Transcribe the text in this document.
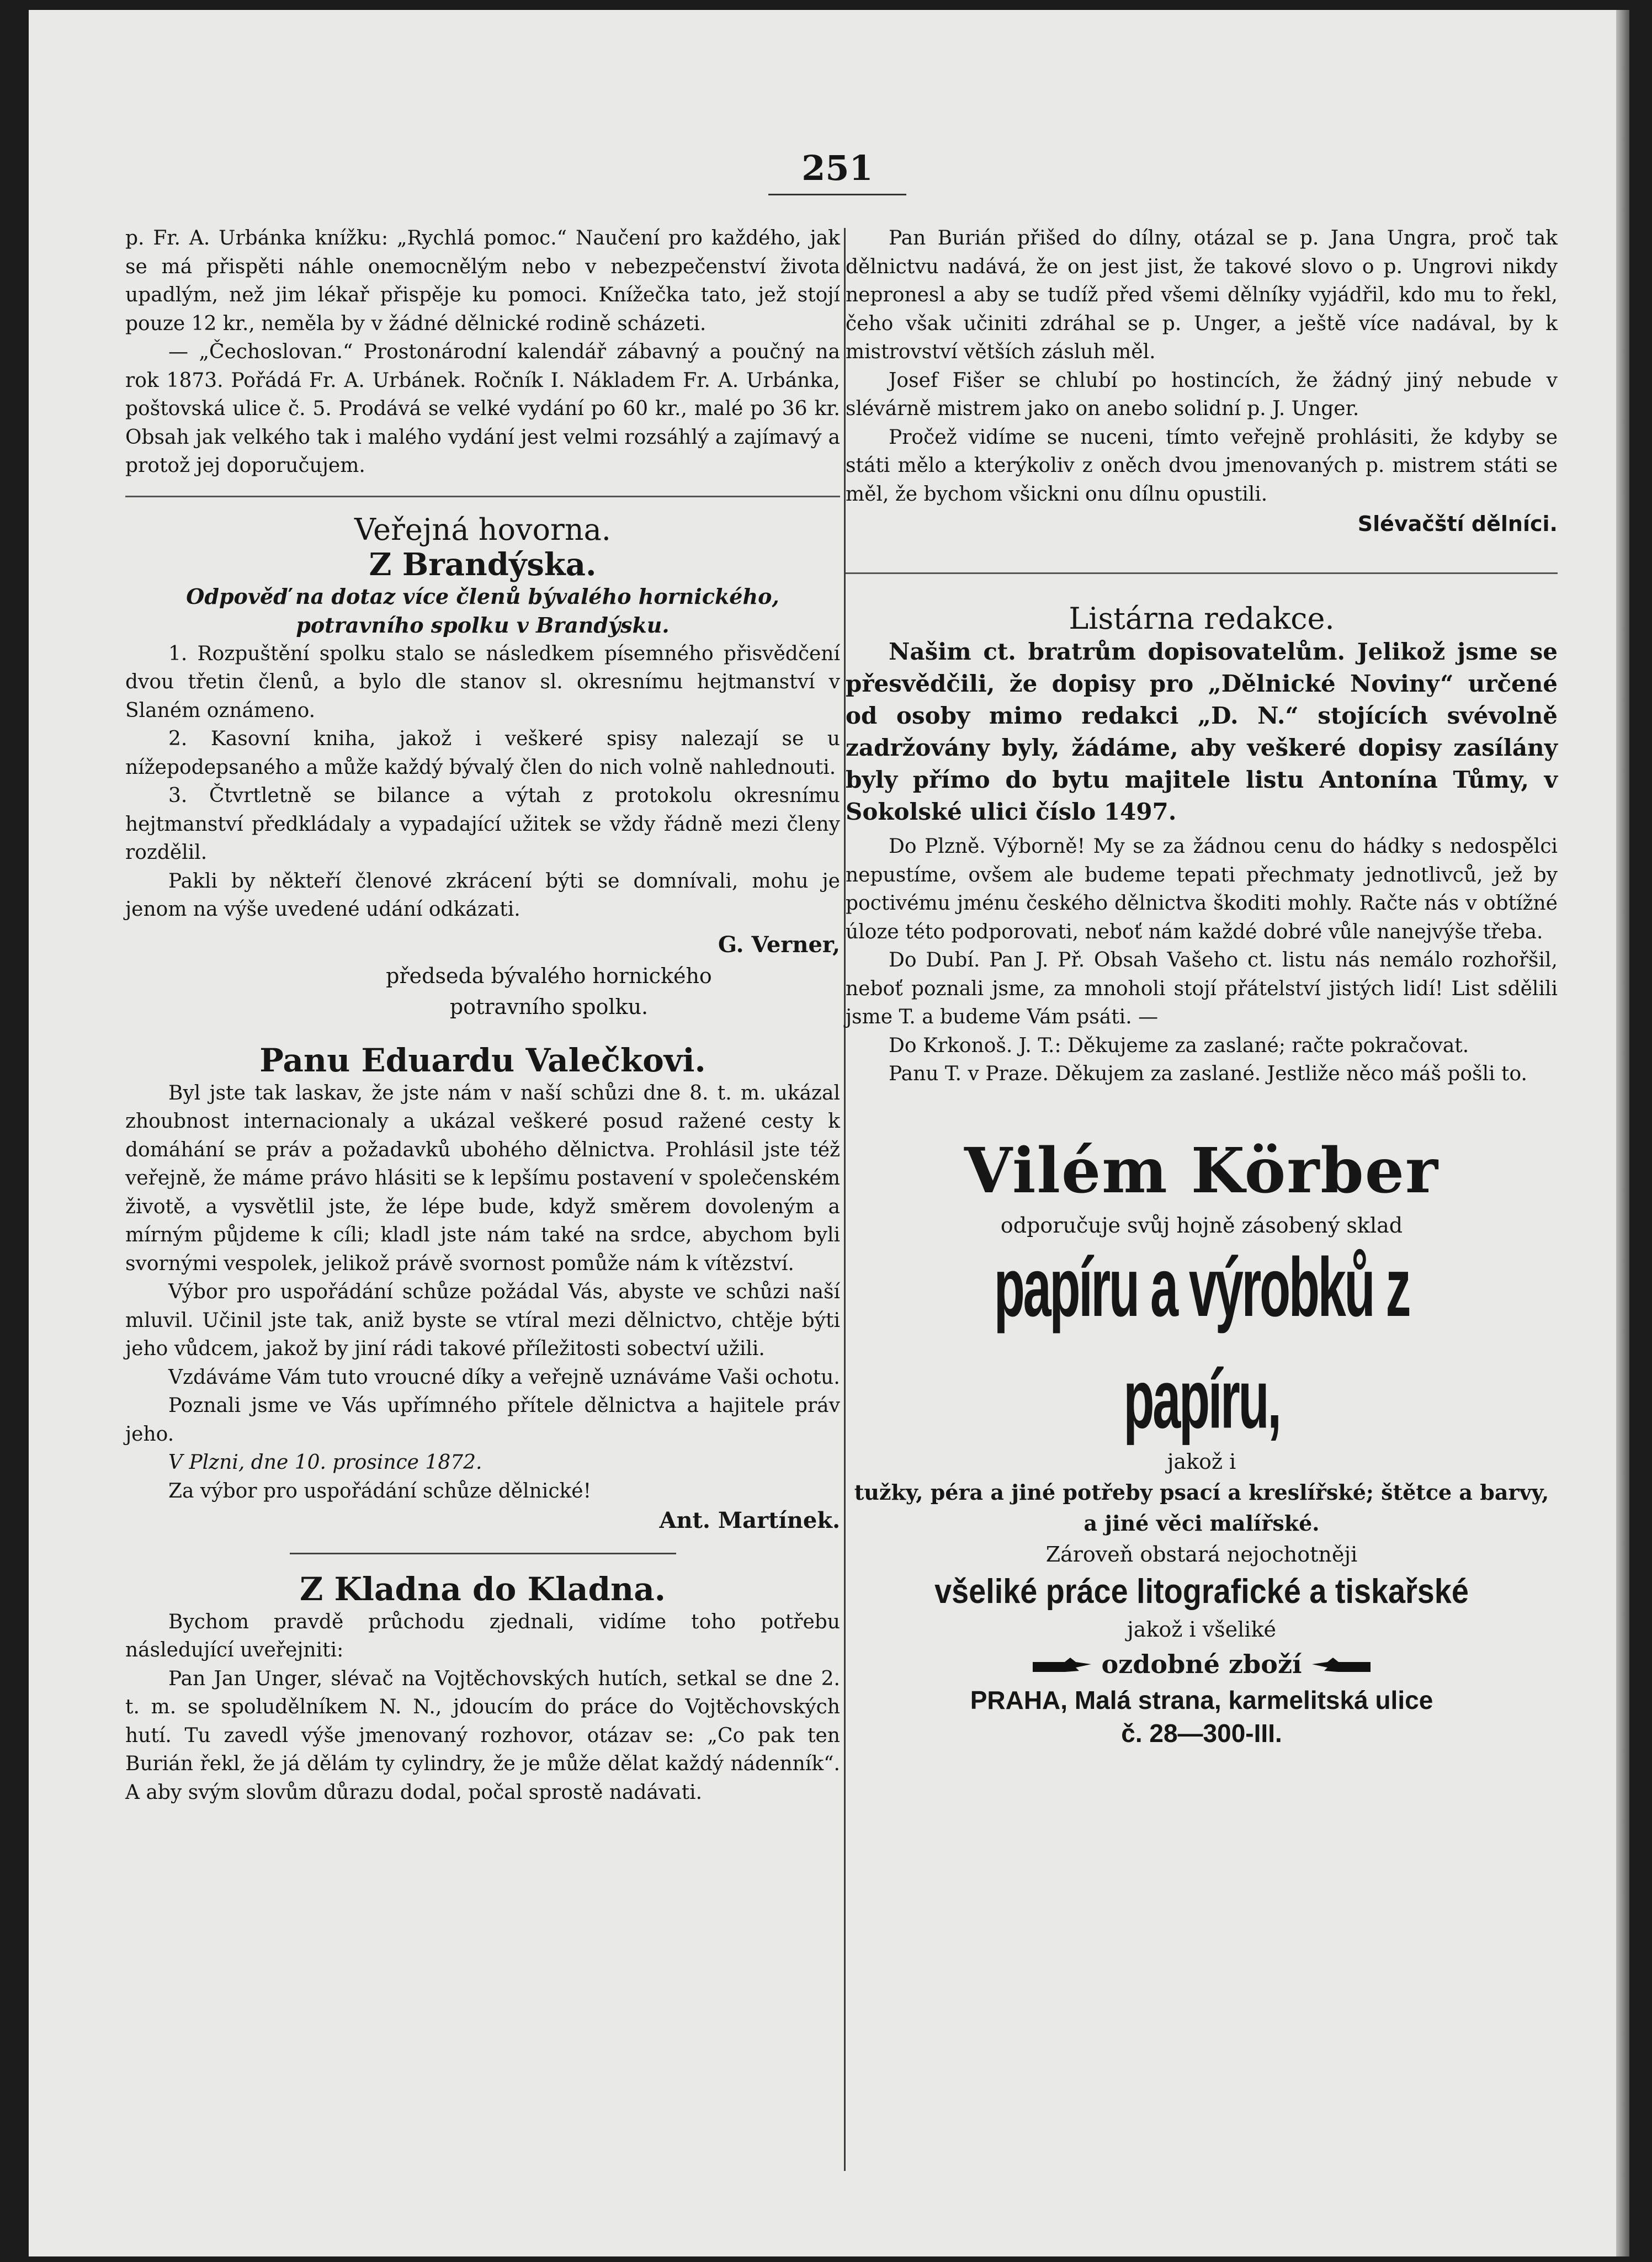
251

p. Fr. A. Urbánka knížku: „Rychlá pomoc.“ Naučení pro každého, jak se má přispěti náhle onemocnělým nebo v nebezpečenství života upadlým, než jim lékař přispěje ku pomoci. Knížečka tato, jež stojí pouze 12 kr., neměla by v žádné dělnické rodině scházeti.

— „Čechoslovan.“ Prostonárodní kalendář zábavný a poučný na rok 1873. Pořádá Fr. A. Urbánek. Ročník I. Nákladem Fr. A. Urbánka, poštovská ulice č. 5. Prodává se velké vydání po 60 kr., malé po 36 kr. Obsah jak velkého tak i malého vydání jest velmi rozsáhlý a zajímavý a protož jej doporučujem.

Veřejná hovorna.
Z Brandýska.
Odpověď na dotaz více členů bývalého hornického, potravního spolku v Brandýsku.

1. Rozpuštění spolku stalo se následkem písemného přisvědčení dvou třetin členů, a bylo dle stanov sl. okresnímu hejtmanství v Slaném oznámeno.

2. Kasovní kniha, jakož i veškeré spisy nalezají se u nížepodepsaného a může každý bývalý člen do nich volně nahlednouti.

3. Čtvrtletně se bilance a výtah z protokolu okresnímu hejtmanství předkládaly a vypadající užitek se vždy řádně mezi členy rozdělil.

Pakli by někteří členové zkrácení býti se domnívali, mohu je jenom na výše uvedené udání odkázati.

G. Verner,
předseda bývalého hornického
potravního spolku.
Panu Eduardu Valečkovi.

Byl jste tak laskav, že jste nám v naší schůzi dne 8. t. m. ukázal zhoubnost internacionaly a ukázal veškeré posud ražené cesty k domáhání se práv a požadavků ubohého dělnictva. Prohlásil jste též veřejně, že máme právo hlásiti se k lepšímu postavení v společenském životě, a vysvětlil jste, že lépe bude, když směrem dovoleným a mírným půjdeme k cíli; kladl jste nám také na srdce, abychom byli svornými vespolek, jelikož právě svornost pomůže nám k vítězství.

Výbor pro uspořádání schůze požádal Vás, abyste ve schůzi naší mluvil. Učinil jste tak, aniž byste se vtíral mezi dělnictvo, chtěje býti jeho vůdcem, jakož by jiní rádi takové příležitosti sobectví užili.

Vzdáváme Vám tuto vroucné díky a veřejně uznáváme Vaši ochotu.

Poznali jsme ve Vás upřímného přítele dělnictva a hajitele práv jeho.

V Plzni, dne 10. prosince 1872.

Za výbor pro uspořádání schůze dělnické!

Ant. Martínek.
Z Kladna do Kladna.

Bychom pravdě průchodu zjednali, vidíme toho potřebu následující uveřejniti:

Pan Jan Unger, slévač na Vojtěchovských hutích, setkal se dne 2. t. m. se spoludělníkem N. N., jdoucím do práce do Vojtěchovských hutí. Tu zavedl výše jmenovaný rozhovor, otázav se: „Co pak ten Burián řekl, že já dělám ty cylindry, že je může dělat každý nádenník“. A aby svým slovům důrazu dodal, počal sprostě nadávati.

Pan Burián přišed do dílny, otázal se p. Jana Ungra, proč tak dělnictvu nadává, že on jest jist, že takové slovo o p. Ungrovi nikdy nepronesl a aby se tudíž před všemi dělníky vyjádřil, kdo mu to řekl, čeho však učiniti zdráhal se p. Unger, a ještě více nadával, by k mistrovství větších zásluh měl.

Josef Fišer se chlubí po hostincích, že žádný jiný nebude v slévárně mistrem jako on anebo solidní p. J. Unger.

Pročež vidíme se nuceni, tímto veřejně prohlásiti, že kdyby se státi mělo a kterýkoliv z oněch dvou jmenovaných p. mistrem státi se měl, že bychom všickni onu dílnu opustili.

Slévačští dělníci.
Listárna redakce.

Našim ct. bratrům dopisovatelům. Jelikož jsme se přesvědčili, že dopisy pro „Dělnické Noviny“ určené od osoby mimo redakci „D. N.“ stojících svévolně zadržovány byly, žádáme, aby veškeré dopisy zasílány byly přímo do bytu majitele listu Antonína Tůmy, v Sokolské ulici číslo 1497.

Do Plzně. Výborně! My se za žádnou cenu do hádky s nedospělci nepustíme, ovšem ale budeme tepati přechmaty jednotlivců, jež by poctivému jménu českého dělnictva škoditi mohly. Račte nás v obtížné úloze této podporovati, neboť nám každé dobré vůle nanejvýše třeba.

Do Dubí. Pan J. Př. Obsah Vašeho ct. listu nás nemálo rozhořšil, neboť poznali jsme, za mnoholi stojí přátelství jistých lidí! List sdělili jsme T. a budeme Vám psáti. —

Do Krkonoš. J. T.: Děkujeme za zaslané; račte pokračovat.

Panu T. v Praze. Děkujem za zaslané. Jestliže něco máš pošli to.

Vilém Körber
odporučuje svůj hojně zásobený sklad
papíru a výrobků z papíru,
jakož i
tužky, péra a jiné potřeby psací a kreslířské; štětce a barvy, a jiné věci malířské.
Zároveň obstará nejochotněji
všeliké práce litografické a tiskařské
jakož i všeliké
ozdobné zboží
PRAHA, Malá strana, karmelitská ulice
č. 28—300-III.
